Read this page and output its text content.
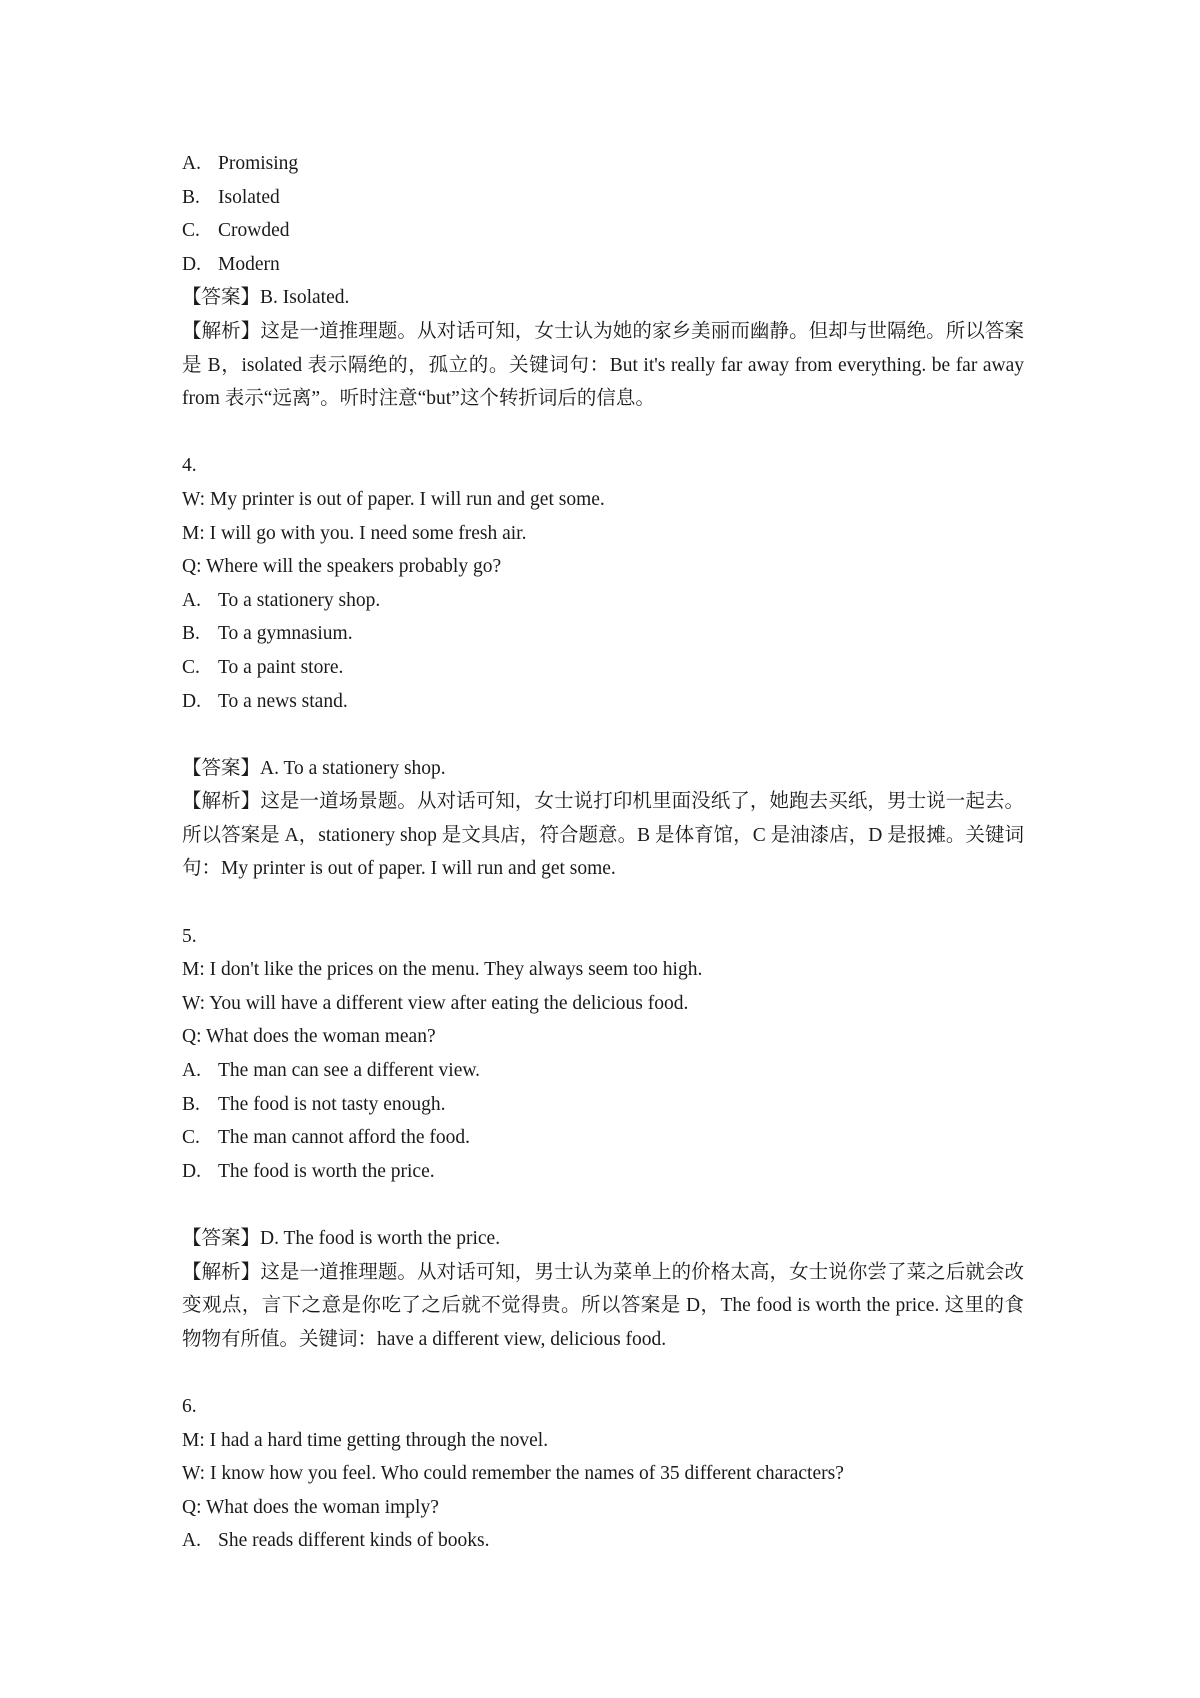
A. Promising
B. Isolated
C. Crowded
D. Modern
【答案】B. Isolated.
【解析】这是一道推理题。从对话可知，女士认为她的家乡美丽而幽静。但却与世隔绝。所以答案是 B，isolated 表示隔绝的，孤立的。关键词句：But it's really far away from everything. be far away from 表示“远离”。听时注意“but”这个转折词后的信息。
4.
W: My printer is out of paper. I will run and get some.
M: I will go with you. I need some fresh air.
Q: Where will the speakers probably go?
A. To a stationery shop.
B. To a gymnasium.
C. To a paint store.
D. To a news stand.
【答案】A. To a stationery shop.
【解析】这是一道场景题。从对话可知，女士说打印机里面没纸了，她跑去买纸，男士说一起去。所以答案是 A，stationery shop 是文具店，符合题意。B 是体育馆，C 是油漆店，D 是报摊。关键词句：My printer is out of paper. I will run and get some.
5.
M: I don't like the prices on the menu. They always seem too high.
W: You will have a different view after eating the delicious food.
Q: What does the woman mean?
A. The man can see a different view.
B. The food is not tasty enough.
C. The man cannot afford the food.
D. The food is worth the price.
【答案】D. The food is worth the price.
【解析】这是一道推理题。从对话可知，男士认为菜单上的价格太高，女士说你尝了菜之后就会改变观点，言下之意是你吃了之后就不觉得贵。所以答案是 D，The food is worth the price. 这里的食物物有所值。关键词：have a different view, delicious food.
6.
M: I had a hard time getting through the novel.
W: I know how you feel. Who could remember the names of 35 different characters?
Q: What does the woman imply?
A. She reads different kinds of books.
